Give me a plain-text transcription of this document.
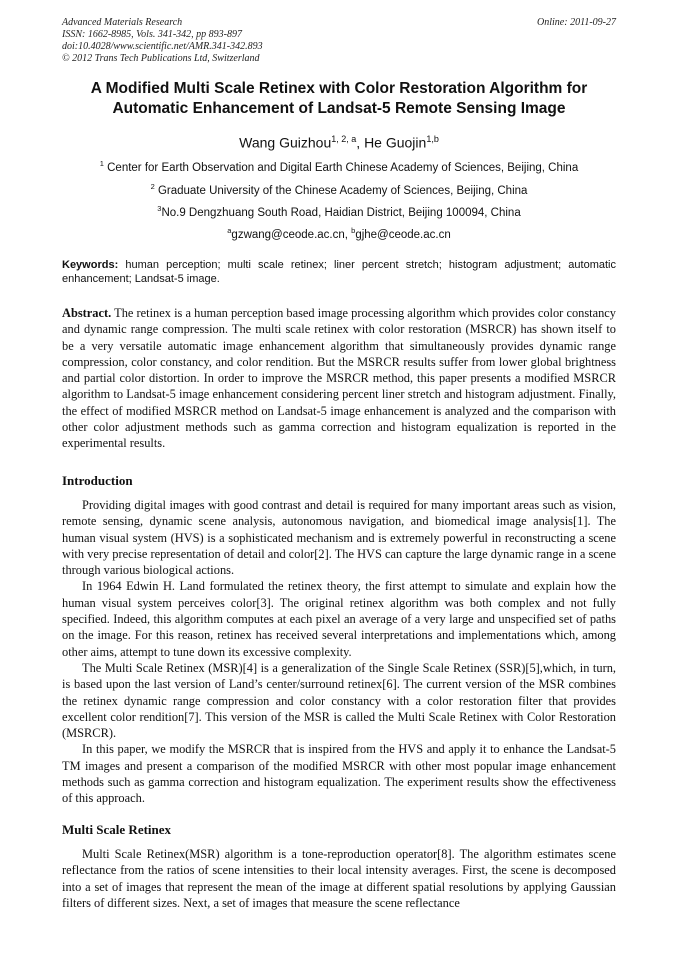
Advanced Materials Research	Online: 2011-09-27
ISSN: 1662-8985, Vols. 341-342, pp 893-897
doi:10.4028/www.scientific.net/AMR.341-342.893
© 2012 Trans Tech Publications Ltd, Switzerland
A Modified Multi Scale Retinex with Color Restoration Algorithm for
Automatic Enhancement of Landsat-5 Remote Sensing Image
Wang Guizhou$^{1, 2, a}$, He Guojin$^{1,b}$
$^1$ Center for Earth Observation and Digital Earth Chinese Academy of Sciences, Beijing, China
$^2$ Graduate University of the Chinese Academy of Sciences, Beijing, China
$^3$No.9 Dengzhuang South Road, Haidian District, Beijing 100094, China
$^a$gzwang@ceode.ac.cn, $^b$gjhe@ceode.ac.cn
Keywords: human perception; multi scale retinex; liner percent stretch; histogram adjustment; automatic enhancement; Landsat-5 image.

Abstract. The retinex is a human perception based image processing algorithm which provides color constancy and dynamic range compression. The multi scale retinex with color restoration (MSRCR) has shown itself to be a very versatile automatic image enhancement algorithm that simultaneously provides dynamic range compression, color constancy, and color rendition. But the MSRCR results suffer from lower global brightness and partial color distortion. In order to improve the MSRCR method, this paper presents a modified MSRCR algorithm to Landsat-5 image enhancement considering percent liner stretch and histogram adjustment. Finally, the effect of modified MSRCR method on Landsat-5 image enhancement is analyzed and the comparison with other color adjustment methods such as gamma correction and histogram equalization is reported in the experimental results.

Introduction

Providing digital images with good contrast and detail is required for many important areas such as vision, remote sensing, dynamic scene analysis, autonomous navigation, and biomedical image analysis[1]. The human visual system (HVS) is a sophisticated mechanism and is extremely powerful in reconstructing a scene with very precise representation of detail and color[2]. The HVS can capture the large dynamic range in a scene through various biological actions.

In 1964 Edwin H. Land formulated the retinex theory, the first attempt to simulate and explain how the human visual system perceives color[3]. The original retinex algorithm was both complex and not fully specified. Indeed, this algorithm computes at each pixel an average of a very large and unspecified set of paths on the image. For this reason, retinex has received several interpretations and implementations which, among other aims, attempt to tune down its excessive complexity.

The Multi Scale Retinex (MSR)[4] is a generalization of the Single Scale Retinex (SSR)[5],which, in turn, is based upon the last version of Land’s center/surround retinex[6]. The current version of the MSR combines the retinex dynamic range compression and color constancy with a color restoration filter that provides excellent color rendition[7]. This version of the MSR is called the Multi Scale Retinex with Color Restoration (MSRCR).

In this paper, we modify the MSRCR that is inspired from the HVS and apply it to enhance the Landsat-5 TM images and present a comparison of the modified MSRCR with other most popular image enhancement methods such as gamma correction and histogram equalization. The experiment results show the effectiveness of this approach.

Multi Scale Retinex

Multi Scale Retinex(MSR) algorithm is a tone-reproduction operator[8]. The algorithm estimates scene reflectance from the ratios of scene intensities to their local intensity averages. First, the scene is decomposed into a set of images that represent the mean of the image at different spatial resolutions by applying Gaussian filters of different sizes. Next, a set of images that measure the scene reflectance
